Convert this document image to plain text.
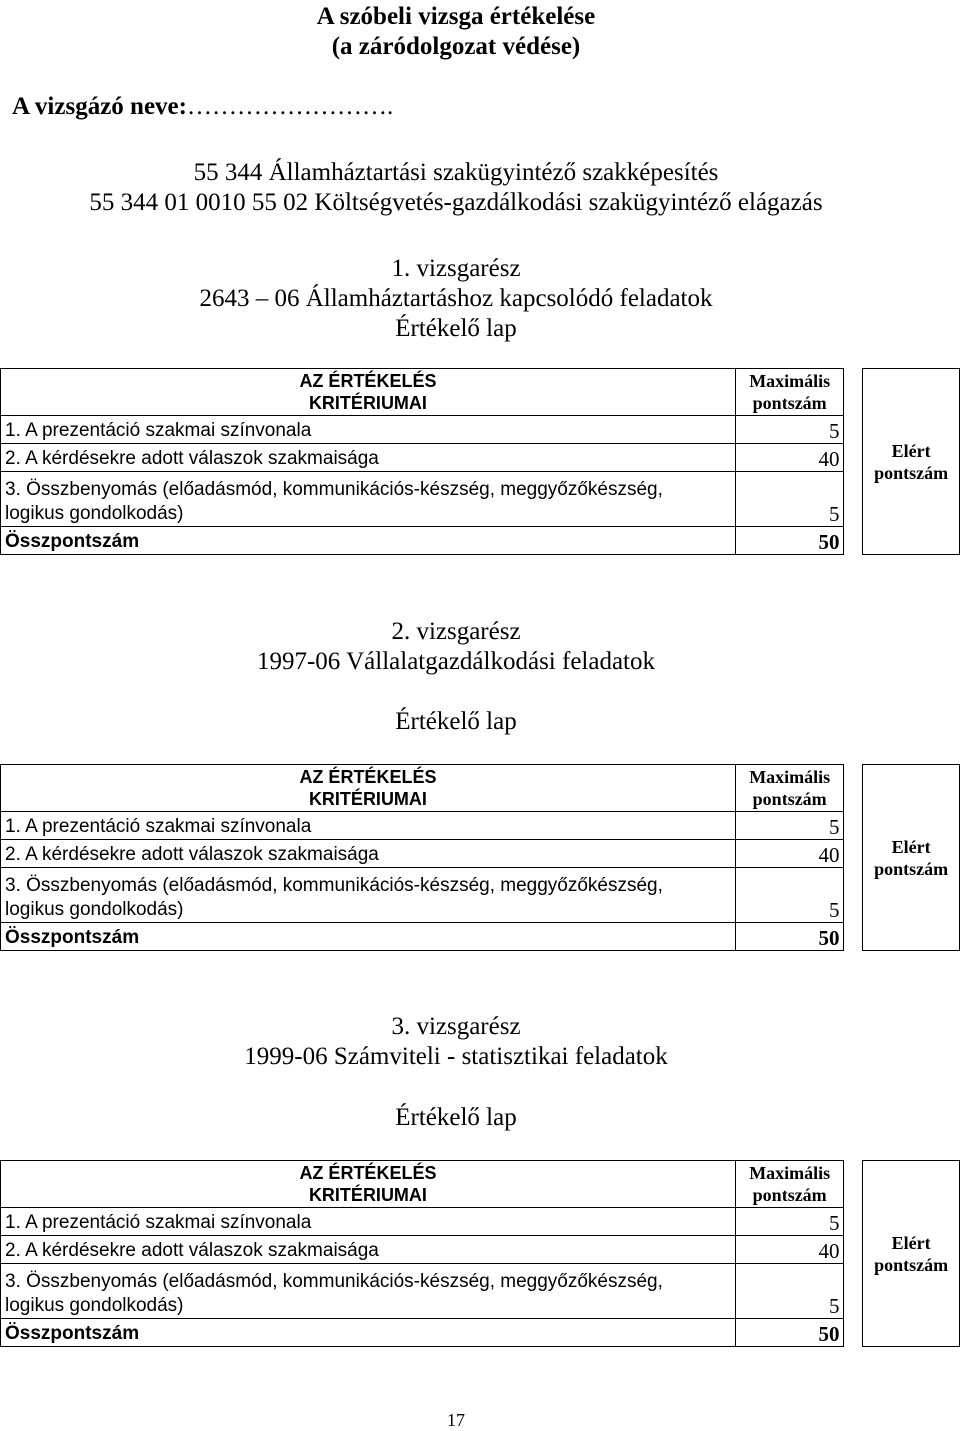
A szóbeli vizsga értékelése
(a záródolgozat védése)
A vizsgázó neve:…………………….
55 344 Államháztartási szakügyintéző szakképesítés
55 344 01 0010 55 02 Költségvetés-gazdálkodási szakügyintéző elágazás
1. vizsgarész
2643 – 06 Államháztartáshoz kapcsolódó feladatok
Értékelő lap
AZ ÉRTÉKELÉS
KRITÉRIUMAI	Maximális
pontszám		Elért
pontszám
1. A prezentáció szakmai színvonala	5		
2. A kérdésekre adott válaszok szakmaisága	40		
3. Összbenyomás (előadásmód, kommunikációs-készség, meggyőzőkészség,
logikus gondolkodás)	5		
Összpontszám	50		
2. vizsgarész
1997-06 Vállalatgazdálkodási feladatok
Értékelő lap
AZ ÉRTÉKELÉS
KRITÉRIUMAI	Maximális
pontszám		Elért
pontszám
1. A prezentáció szakmai színvonala	5		
2. A kérdésekre adott válaszok szakmaisága	40		
3. Összbenyomás (előadásmód, kommunikációs-készség, meggyőzőkészség,
logikus gondolkodás)	5		
Összpontszám	50		
3. vizsgarész
1999-06 Számviteli - statisztikai feladatok
Értékelő lap
AZ ÉRTÉKELÉS
KRITÉRIUMAI	Maximális
pontszám		Elért
pontszám
1. A prezentáció szakmai színvonala	5		
2. A kérdésekre adott válaszok szakmaisága	40		
3. Összbenyomás (előadásmód, kommunikációs-készség, meggyőzőkészség,
logikus gondolkodás)	5		
Összpontszám	50		
17
